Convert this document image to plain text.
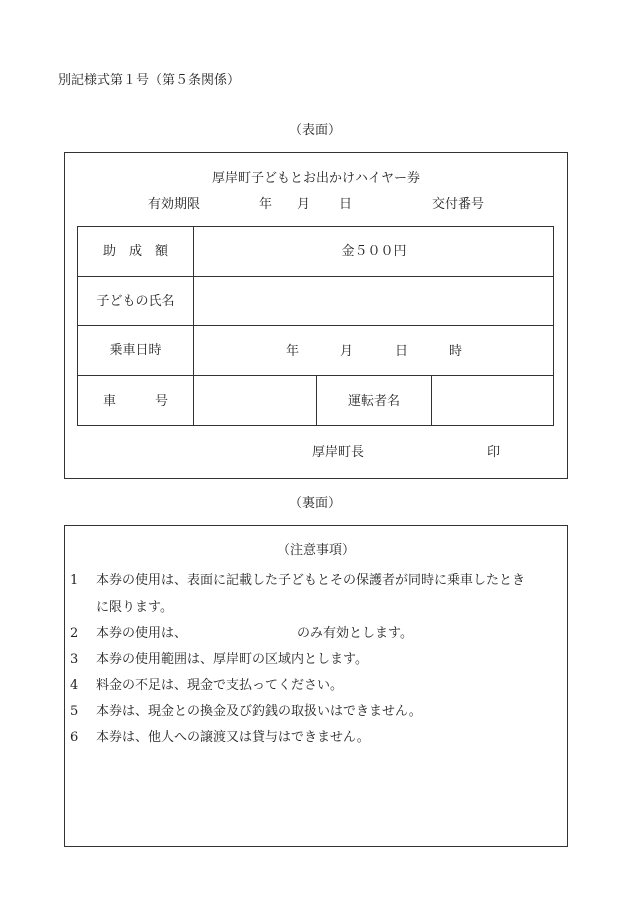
別記様式第１号（第５条関係）
（表面）
厚岸町子どもとお出かけハイヤー券
有効期限	年 月 日	交付番号
助　成　額	金５００円
子どもの氏名
乗車日時	年	月	日	時
車　　　号	運転者名
厚岸町長	印
（裏面）
（注意事項）
1 本券の使用は、表面に記載した子どもとその保護者が同時に乗車したとき
に限ります。
2 本券の使用は、	のみ有効とします。
3 本券の使用範囲は、厚岸町の区域内とします。
4 料金の不足は、現金で支払ってください。
5 本券は、現金との換金及び釣銭の取扱いはできません。
6 本券は、他人への譲渡又は貸与はできません。
